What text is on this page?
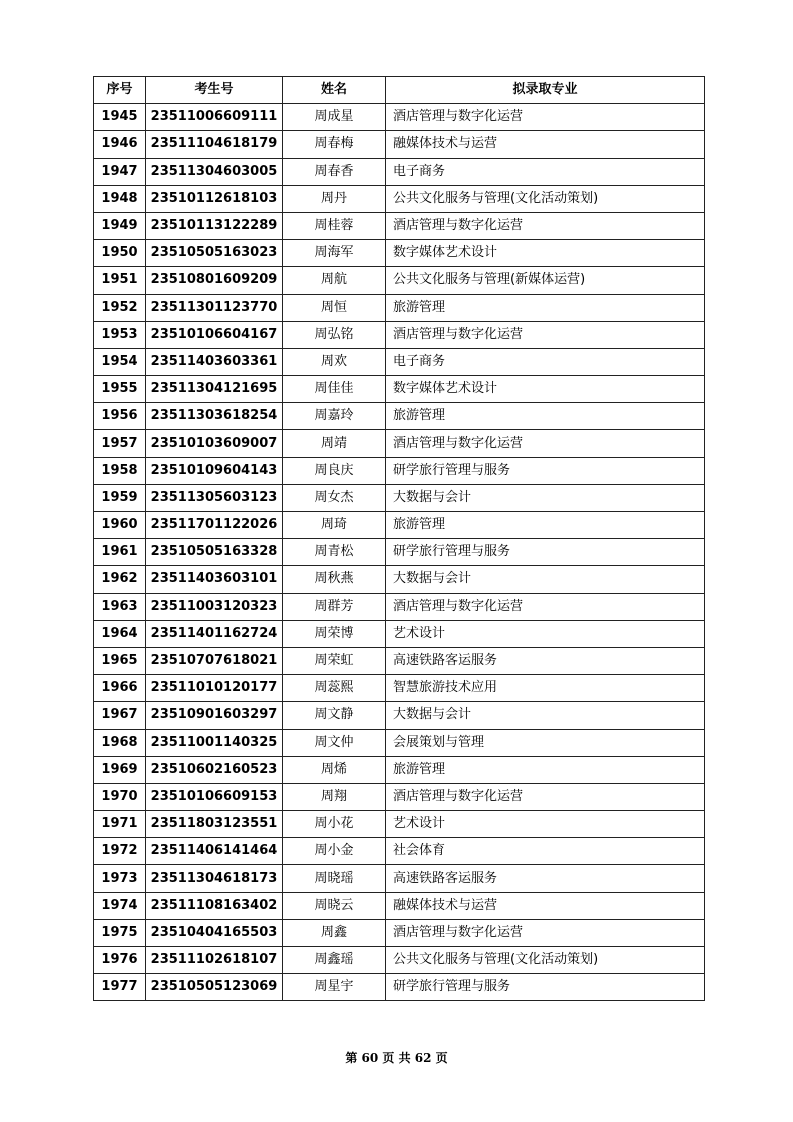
序号	考生号	姓名	拟录取专业
1945	23511006609111	周成星	酒店管理与数字化运营
1946	23511104618179	周春梅	融媒体技术与运营
1947	23511304603005	周春香	电子商务
1948	23510112618103	周丹	公共文化服务与管理(文化活动策划)
1949	23510113122289	周桂蓉	酒店管理与数字化运营
1950	23510505163023	周海军	数字媒体艺术设计
1951	23510801609209	周航	公共文化服务与管理(新媒体运营)
1952	23511301123770	周恒	旅游管理
1953	23510106604167	周弘铭	酒店管理与数字化运营
1954	23511403603361	周欢	电子商务
1955	23511304121695	周佳佳	数字媒体艺术设计
1956	23511303618254	周嘉玲	旅游管理
1957	23510103609007	周靖	酒店管理与数字化运营
1958	23510109604143	周良庆	研学旅行管理与服务
1959	23511305603123	周女杰	大数据与会计
1960	23511701122026	周琦	旅游管理
1961	23510505163328	周青松	研学旅行管理与服务
1962	23511403603101	周秋燕	大数据与会计
1963	23511003120323	周群芳	酒店管理与数字化运营
1964	23511401162724	周荣博	艺术设计
1965	23510707618021	周荣虹	高速铁路客运服务
1966	23511010120177	周蕊熙	智慧旅游技术应用
1967	23510901603297	周文静	大数据与会计
1968	23511001140325	周文仲	会展策划与管理
1969	23510602160523	周烯	旅游管理
1970	23510106609153	周翔	酒店管理与数字化运营
1971	23511803123551	周小花	艺术设计
1972	23511406141464	周小金	社会体育
1973	23511304618173	周晓瑶	高速铁路客运服务
1974	23511108163402	周晓云	融媒体技术与运营
1975	23510404165503	周鑫	酒店管理与数字化运营
1976	23511102618107	周鑫瑶	公共文化服务与管理(文化活动策划)
1977	23510505123069	周星宇	研学旅行管理与服务
第 60 页 共 62 页
